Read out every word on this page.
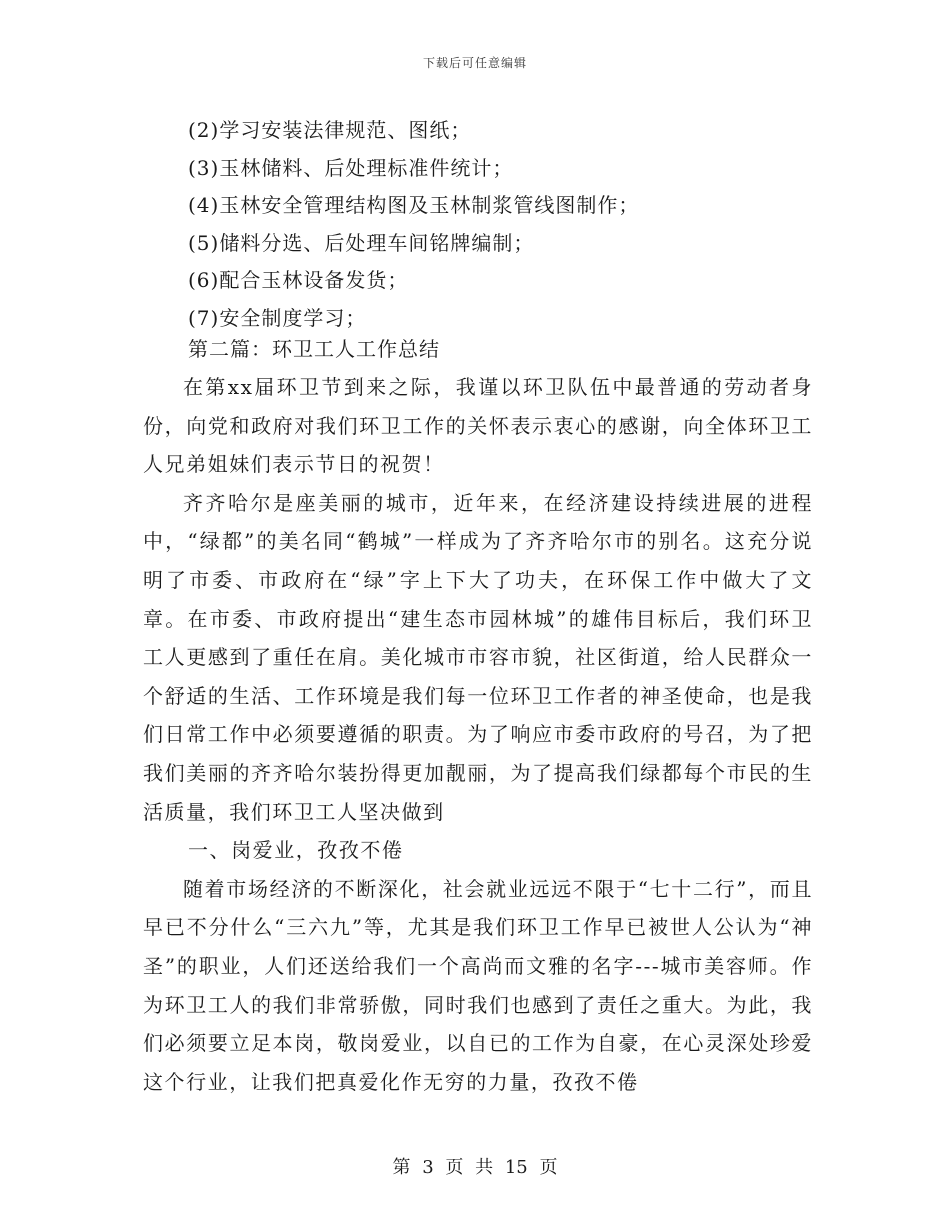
下载后可任意编辑
(2)学习安装法律规范、图纸；
(3)玉林储料、后处理标准件统计；
(4)玉林安全管理结构图及玉林制浆管线图制作；
(5)储料分选、后处理车间铭牌编制；
(6)配合玉林设备发货；
(7)安全制度学习；
第二篇：环卫工人工作总结

在第xx届环卫节到来之际，我谨以环卫队伍中最普通的劳动者身份，向党和政府对我们环卫工作的关怀表示衷心的感谢，向全体环卫工人兄弟姐妹们表示节日的祝贺！

齐齐哈尔是座美丽的城市，近年来，在经济建设持续进展的进程中，“绿都”的美名同“鹤城”一样成为了齐齐哈尔市的别名。这充分说明了市委、市政府在“绿”字上下大了功夫，在环保工作中做大了文章。在市委、市政府提出“建生态市园林城”的雄伟目标后，我们环卫工人更感到了重任在肩。美化城市市容市貌，社区街道，给人民群众一个舒适的生活、工作环境是我们每一位环卫工作者的神圣使命，也是我们日常工作中必须要遵循的职责。为了响应市委市政府的号召，为了把我们美丽的齐齐哈尔装扮得更加靓丽，为了提高我们绿都每个市民的生活质量，我们环卫工人坚决做到

一、岗爱业，孜孜不倦

随着市场经济的不断深化，社会就业远远不限于“七十二行”，而且早已不分什么“三六九”等，尤其是我们环卫工作早已被世人公认为“神圣”的职业，人们还送给我们一个高尚而文雅的名字---城市美容师。作为环卫工人的我们非常骄傲，同时我们也感到了责任之重大。为此，我们必须要立足本岗，敬岗爱业，以自已的工作为自豪，在心灵深处珍爱这个行业，让我们把真爱化作无穷的力量，孜孜不倦

第 3 页 共 15 页
